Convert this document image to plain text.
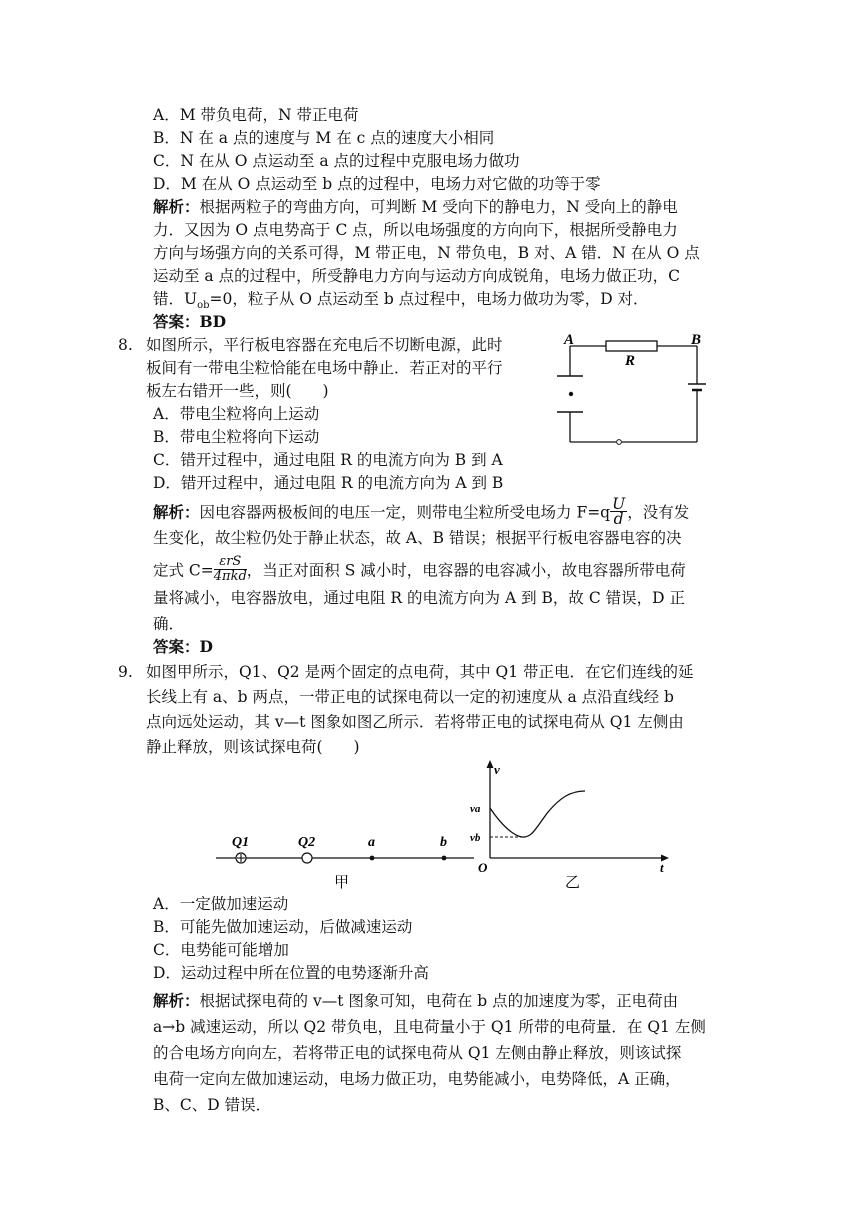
A．M 带负电荷，N 带正电荷
B．N 在 a 点的速度与 M 在 c 点的速度大小相同
C．N 在从 O 点运动至 a 点的过程中克服电场力做功
D．M 在从 O 点运动至 b 点的过程中，电场力对它做的功等于零
解析：根据两粒子的弯曲方向，可判断 M 受向下的静电力，N 受向上的静电
力．又因为 O 点电势高于 C 点，所以电场强度的方向向下，根据所受静电力
方向与场强方向的关系可得，M 带正电，N 带负电，B 对、A 错．N 在从 O 点
运动至 a 点的过程中，所受静电力方向与运动方向成锐角，电场力做正功，C
错．$U_{ob}=0$，粒子从 O 点运动至 b 点过程中，电场力做功为零，D 对．
答案：BD
8. 如图所示，平行板电容器在充电后不切断电源，此时
板间有一带电尘粒恰能在电场中静止．若正对的平行
板左右错开一些，则(　　)
A．带电尘粒将向上运动
B．带电尘粒将向下运动
C．错开过程中，通过电阻 R 的电流方向为 B 到 A
D．错开过程中，通过电阻 R 的电流方向为 A 到 B
A	B
R
解析：因电容器两极板间的电压一定，则带电尘粒所受电场力 $F=q \frac{U}{d}$ ，没有发
生变化，故尘粒仍处于静止状态，故 A、B 错误；根据平行板电容器电容的决
定式 C= εrS
4πkd ，当正对面积 S 减小时，电容器的电容减小，故电容器所带电荷
量将减小，电容器放电，通过电阻 R 的电流方向为 A 到 B，故 C 错误，D 正
确．
答案：D
9. 如图甲所示，Q1、Q2 是两个固定的点电荷，其中 Q1 带正电．在它们连线的延
长线上有 a、b 两点，一带正电的试探电荷以一定的初速度从 a 点沿直线经 b
点向远处运动，其 v—t 图象如图乙所示．若将带正电的试探电荷从 Q1 左侧由
静止释放，则该试探电荷(　　)
Q1	Q2	a	b
甲
v
va
vb
O	t
乙
A．一定做加速运动
B．可能先做加速运动，后做减速运动
C．电势能可能增加
D．运动过程中所在位置的电势逐渐升高
解析：根据试探电荷的 v—t 图象可知，电荷在 b 点的加速度为零，正电荷由
a→b 减速运动，所以 Q2 带负电，且电荷量小于 Q1 所带的电荷量．在 Q1 左侧
的合电场方向向左，若将带正电的试探电荷从 Q1 左侧由静止释放，则该试探
电荷一定向左做加速运动，电场力做正功，电势能减小，电势降低，A 正确，
B、C、D 错误．
